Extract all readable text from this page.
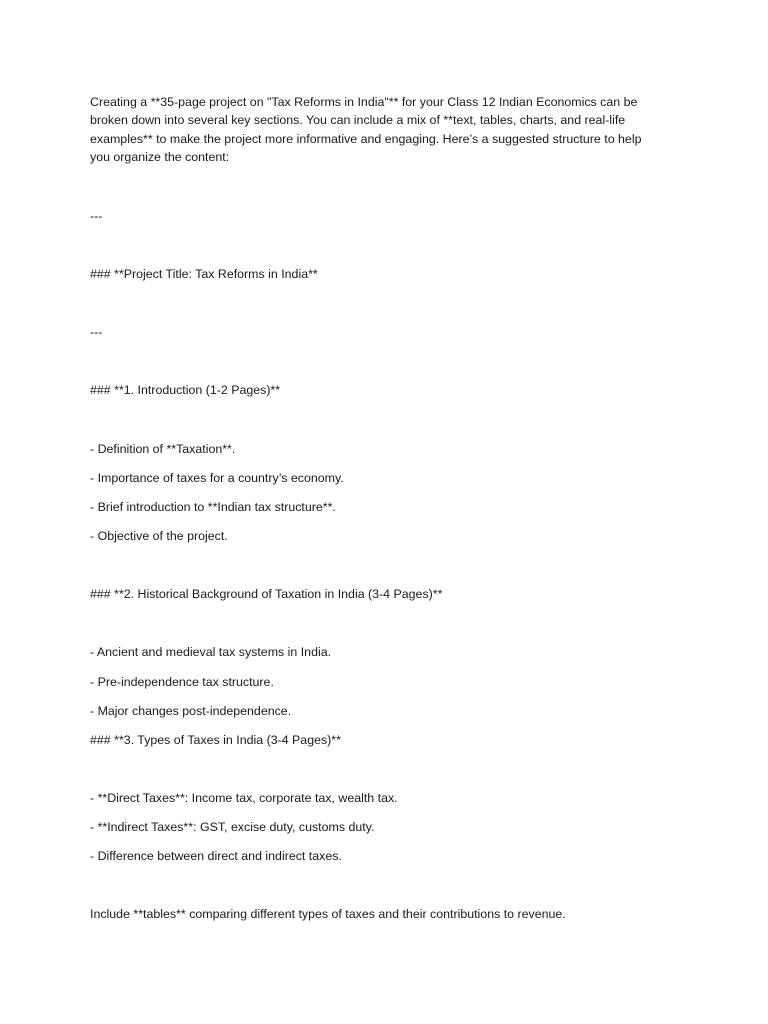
Creating a **35-page project on "Tax Reforms in India"** for your Class 12 Indian Economics can be
broken down into several key sections. You can include a mix of **text, tables, charts, and real-life
examples** to make the project more informative and engaging. Here’s a suggested structure to help
you organize the content:
---
### **Project Title: Tax Reforms in India**
---
### **1. Introduction (1-2 Pages)**
- Definition of **Taxation**.
- Importance of taxes for a country’s economy.
- Brief introduction to **Indian tax structure**.
- Objective of the project.
### **2. Historical Background of Taxation in India (3-4 Pages)**
- Ancient and medieval tax systems in India.
- Pre-independence tax structure.
- Major changes post-independence.
### **3. Types of Taxes in India (3-4 Pages)**
- **Direct Taxes**: Income tax, corporate tax, wealth tax.
- **Indirect Taxes**: GST, excise duty, customs duty.
- Difference between direct and indirect taxes.
Include **tables** comparing different types of taxes and their contributions to revenue.
